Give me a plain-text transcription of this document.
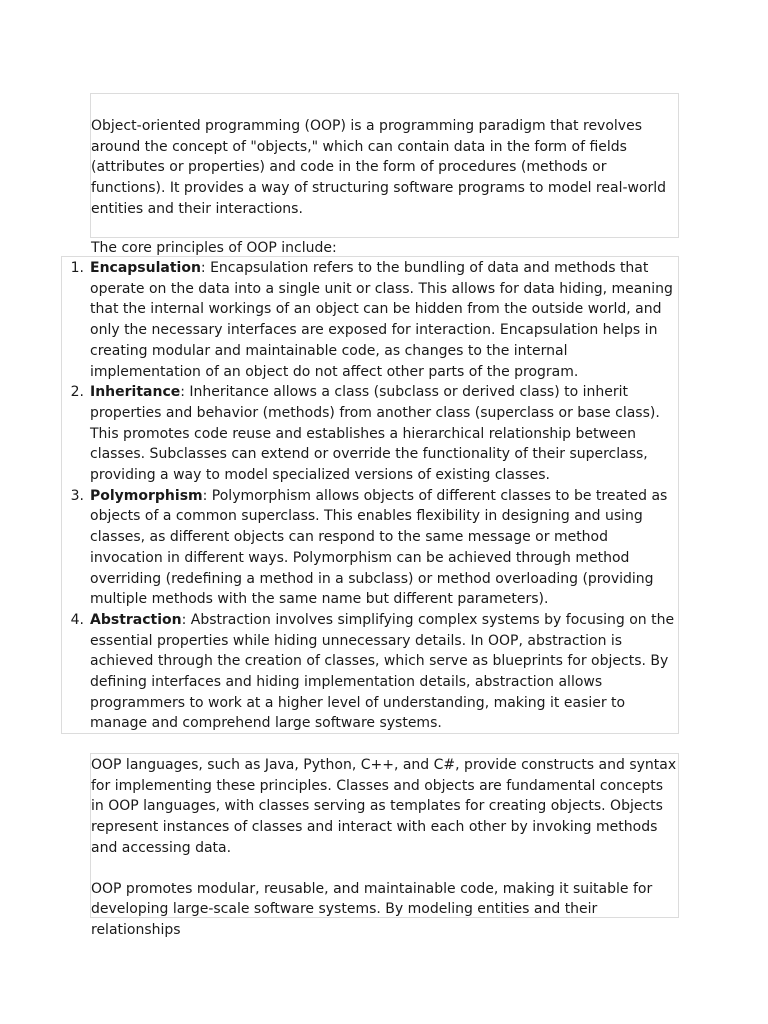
Object-oriented programming (OOP) is a programming paradigm that revolves around the concept of "objects," which can contain data in the form of fields (attributes or properties) and code in the form of procedures (methods or functions). It provides a way of structuring software programs to model real-world entities and their interactions.

The core principles of OOP include:

1. Encapsulation: Encapsulation refers to the bundling of data and methods that operate on the data into a single unit or class. This allows for data hiding, meaning that the internal workings of an object can be hidden from the outside world, and only the necessary interfaces are exposed for interaction. Encapsulation helps in creating modular and maintainable code, as changes to the internal implementation of an object do not affect other parts of the program.
2. Inheritance: Inheritance allows a class (subclass or derived class) to inherit properties and behavior (methods) from another class (superclass or base class). This promotes code reuse and establishes a hierarchical relationship between classes. Subclasses can extend or override the functionality of their superclass, providing a way to model specialized versions of existing classes.
3. Polymorphism: Polymorphism allows objects of different classes to be treated as objects of a common superclass. This enables flexibility in designing and using classes, as different objects can respond to the same message or method invocation in different ways. Polymorphism can be achieved through method overriding (redefining a method in a subclass) or method overloading (providing multiple methods with the same name but different parameters).
4. Abstraction: Abstraction involves simplifying complex systems by focusing on the essential properties while hiding unnecessary details. In OOP, abstraction is achieved through the creation of classes, which serve as blueprints for objects. By defining interfaces and hiding implementation details, abstraction allows programmers to work at a higher level of understanding, making it easier to manage and comprehend large software systems.

OOP languages, such as Java, Python, C++, and C#, provide constructs and syntax for implementing these principles. Classes and objects are fundamental concepts in OOP languages, with classes serving as templates for creating objects. Objects represent instances of classes and interact with each other by invoking methods and accessing data.

OOP promotes modular, reusable, and maintainable code, making it suitable for developing large-scale software systems. By modeling entities and their relationships
